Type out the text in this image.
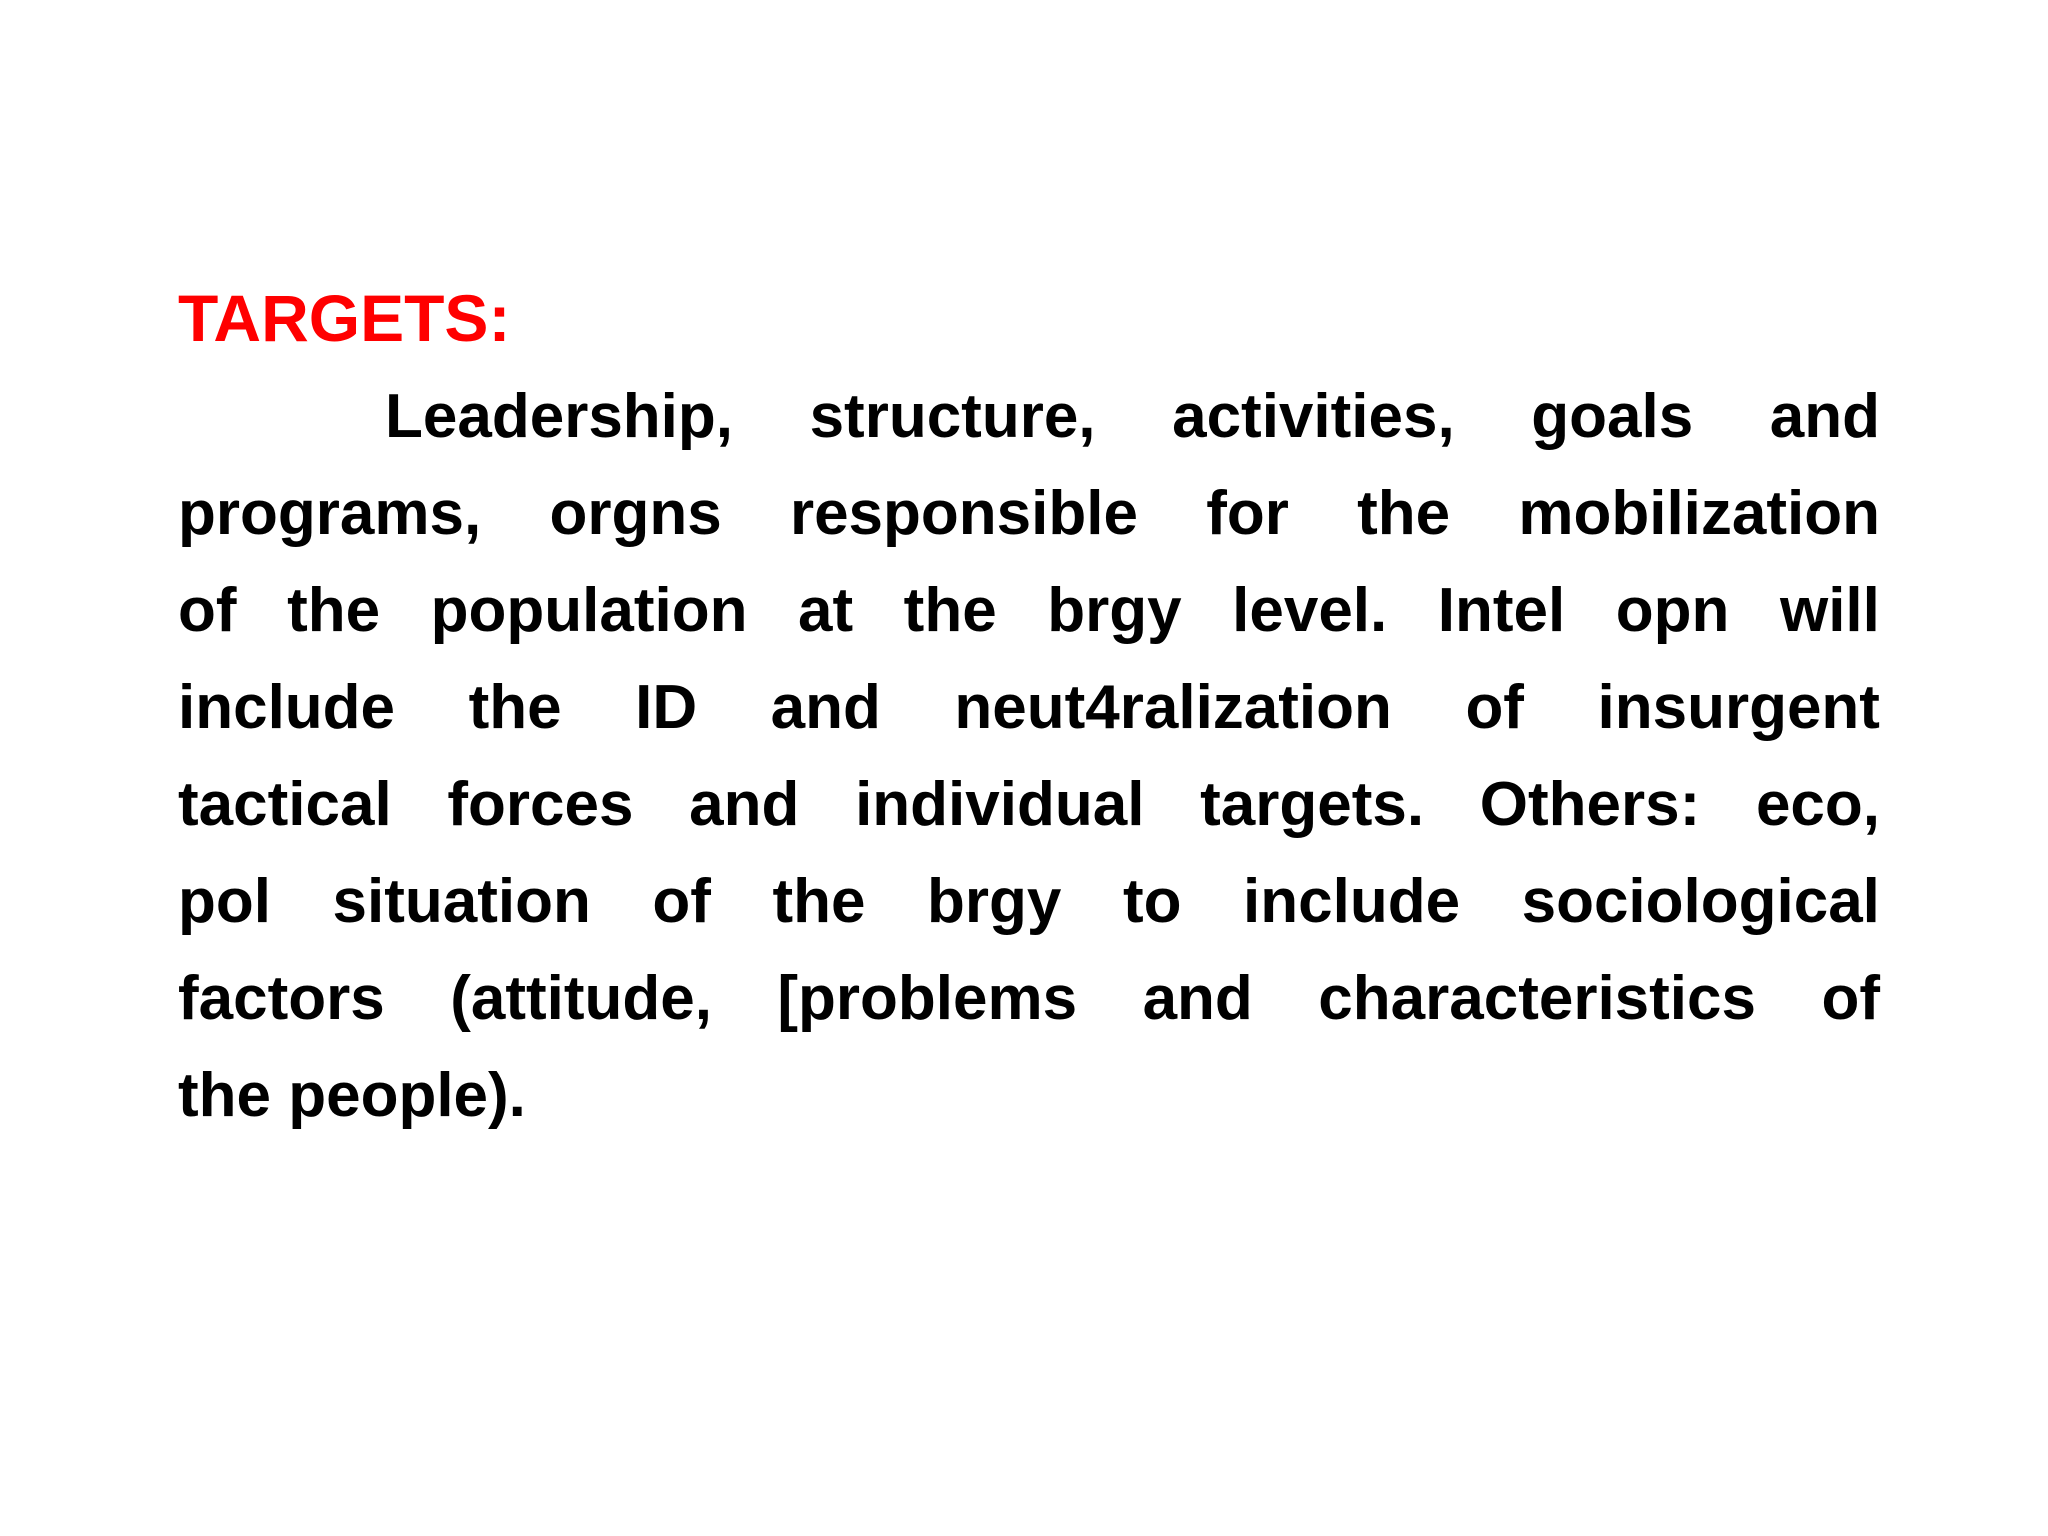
TARGETS:
Leadership, structure, activities, goals and
programs, orgns responsible for the mobilization
of the population at the brgy level. Intel opn will
include the ID and neut4ralization of insurgent
tactical forces and individual targets. Others: eco,
pol situation of the brgy to include sociological
factors (attitude, [problems and characteristics of
the people).
